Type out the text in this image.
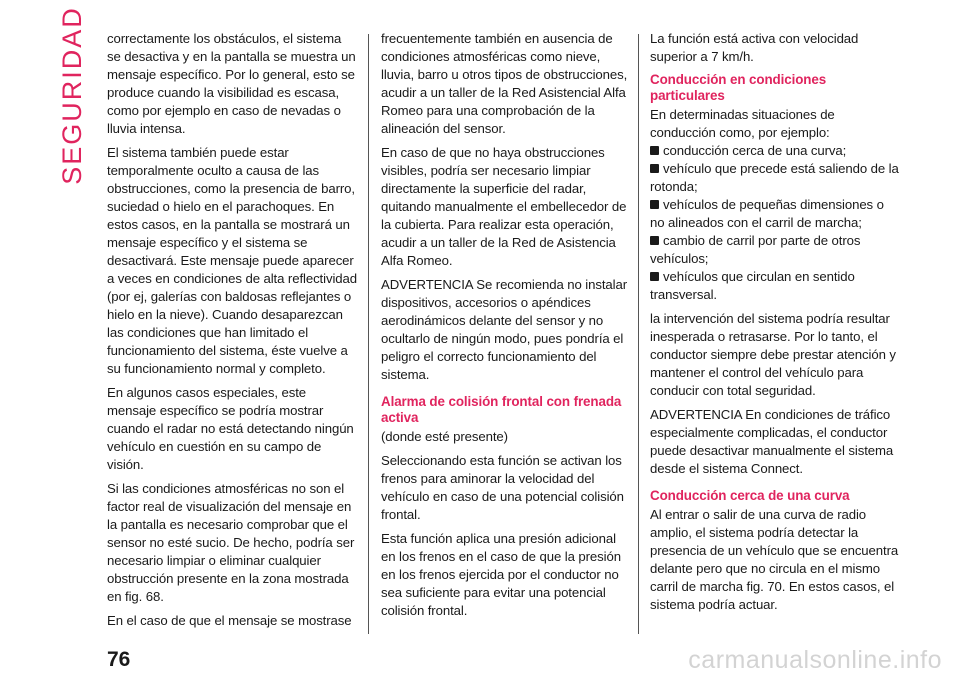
SEGURIDAD correctamente los obstáculos, el sistema se desactiva y en la pantalla se muestra un mensaje específico. Por lo general, esto se produce cuando la visibilidad es escasa, como por ejemplo en caso de nevadas o lluvia intensa.

El sistema también puede estar temporalmente oculto a causa de las obstrucciones, como la presencia de barro, suciedad o hielo en el parachoques. En estos casos, en la pantalla se mostrará un mensaje específico y el sistema se desactivará. Este mensaje puede aparecer a veces en condiciones de alta reflectividad (por ej, galerías con baldosas reflejantes o hielo en la nieve). Cuando desaparezcan las condiciones que han limitado el funcionamiento del sistema, éste vuelve a su funcionamiento normal y completo.

En algunos casos especiales, este mensaje específico se podría mostrar cuando el radar no está detectando ningún vehículo en cuestión en su campo de visión.

Si las condiciones atmosféricas no son el factor real de visualización del mensaje en la pantalla es necesario comprobar que el sensor no esté sucio. De hecho, podría ser necesario limpiar o eliminar cualquier obstrucción presente en la zona mostrada en fig. 68.

En el caso de que el mensaje se mostrase

frecuentemente también en ausencia de condiciones atmosféricas como nieve, lluvia, barro u otros tipos de obstrucciones, acudir a un taller de la Red Asistencial Alfa Romeo para una comprobación de la alineación del sensor.

En caso de que no haya obstrucciones visibles, podría ser necesario limpiar directamente la superficie del radar, quitando manualmente el embellecedor de la cubierta. Para realizar esta operación, acudir a un taller de la Red de Asistencia Alfa Romeo.

ADVERTENCIA Se recomienda no instalar dispositivos, accesorios o apéndices aerodinámicos delante del sensor y no ocultarlo de ningún modo, pues pondría el peligro el correcto funcionamiento del sistema.

Alarma de colisión frontal con frenada activa

(donde esté presente)

Seleccionando esta función se activan los frenos para aminorar la velocidad del vehículo en caso de una potencial colisión frontal.

Esta función aplica una presión adicional en los frenos en el caso de que la presión en los frenos ejercida por el conductor no sea suficiente para evitar una potencial colisión frontal.

La función está activa con velocidad superior a 7 km/h.

Conducción en condiciones particulares

En determinadas situaciones de conducción como, por ejemplo:

conducción cerca de una curva;
vehículo que precede está saliendo de la rotonda;
vehículos de pequeñas dimensiones o no alineados con el carril de marcha;
cambio de carril por parte de otros vehículos;
vehículos que circulan en sentido transversal.

la intervención del sistema podría resultar inesperada o retrasarse. Por lo tanto, el conductor siempre debe prestar atención y mantener el control del vehículo para conducir con total seguridad.

ADVERTENCIA En condiciones de tráfico especialmente complicadas, el conductor puede desactivar manualmente el sistema desde el sistema Connect.

Conducción cerca de una curva

Al entrar o salir de una curva de radio amplio, el sistema podría detectar la presencia de un vehículo que se encuentra delante pero que no circula en el mismo carril de marcha fig. 70. En estos casos, el sistema podría actuar.

76	carmanualsonline.info
